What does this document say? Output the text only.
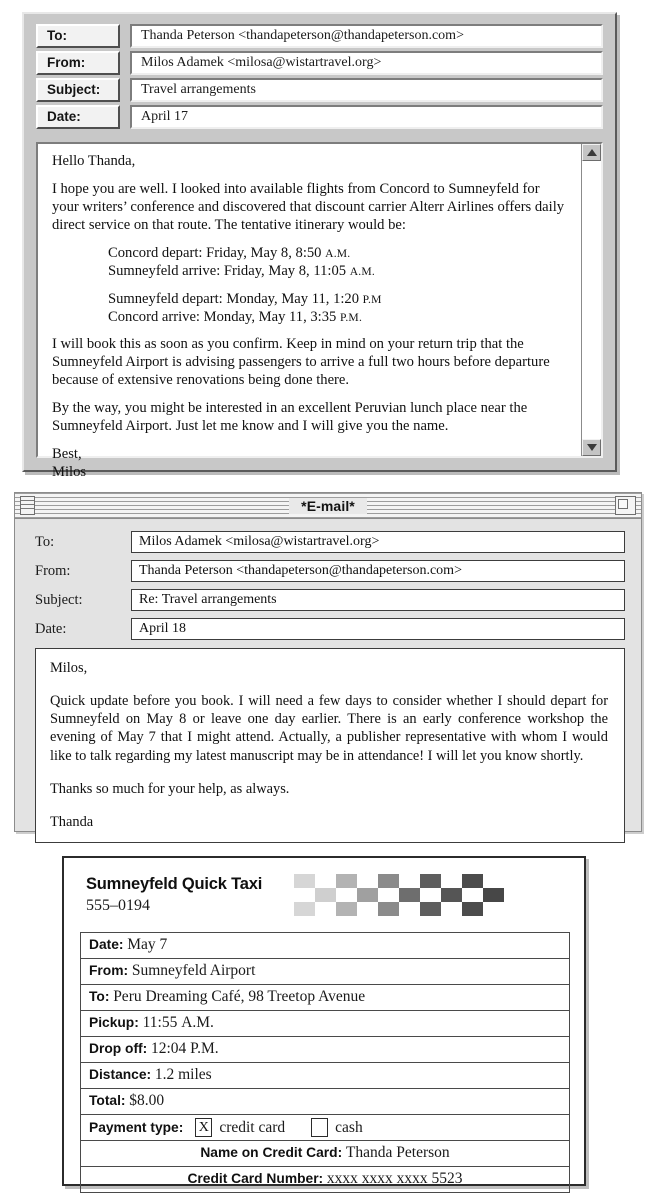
To:	Thanda Peterson <thandapeterson@thandapeterson.com>
From:	Milos Adamek <milosa@wistartravel.org>
Subject:	Travel arrangements
Date:	April 17

Hello Thanda,

I hope you are well. I looked into available flights from Concord to Sumneyfeld for your writers’ conference and discovered that discount carrier Alterr Airlines offers daily direct service on that route. The tentative itinerary would be:

Concord depart: Friday, May 8, 8:50 A.M.
Sumneyfeld arrive: Friday, May 8, 11:05 A.M.
Sumneyfeld depart: Monday, May 11, 1:20 P.M
Concord arrive: Monday, May 11, 3:35 P.M.

I will book this as soon as you confirm. Keep in mind on your return trip that the Sumneyfeld Airport is advising passengers to arrive a full two hours before departure because of extensive renovations being done there.

By the way, you might be interested in an excellent Peruvian lunch place near the Sumneyfeld Airport. Just let me know and I will give you the name.

Best,

Milos

*E-mail*
To:	Milos Adamek <milosa@wistartravel.org>
From:	Thanda Peterson <thandapeterson@thandapeterson.com>
Subject:	Re: Travel arrangements
Date:	April 18

Milos,

Quick update before you book. I will need a few days to consider whether I should depart for Sumneyfeld on May 8 or leave one day earlier. There is an early conference workshop the evening of May 7 that I might attend. Actually, a publisher representative with whom I would like to talk regarding my latest manuscript may be in attendance! I will let you know shortly.

Thanks so much for your help, as always.

Thanda

Sumneyfeld Quick Taxi
555–0194
Date: May 7
From: Sumneyfeld Airport
To: Peru Dreaming Café, 98 Treetop Avenue
Pickup: 11:55 A.M.
Drop off: 12:04 P.M.
Distance: 1.2 miles
Total: $8.00
Payment type: X credit card	cash
Name on Credit Card: Thanda Peterson
Credit Card Number: xxxx xxxx xxxx 5523
